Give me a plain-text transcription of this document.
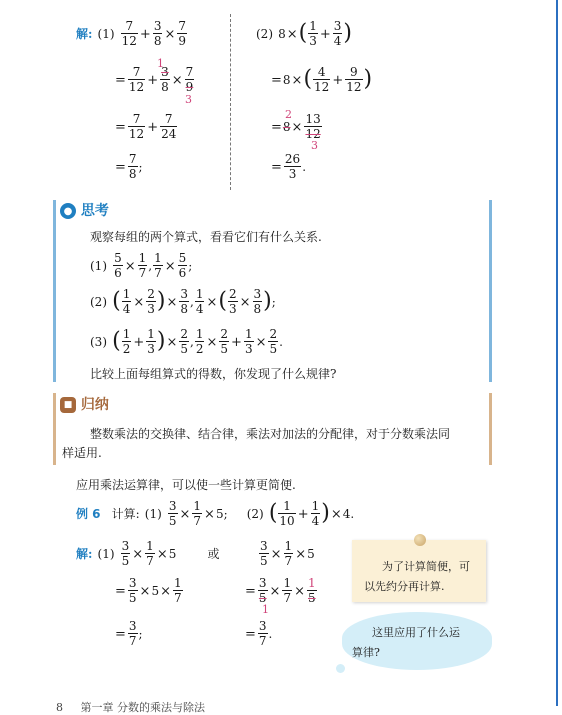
解: $(1) \frac{7}{12} + \frac{3}{8} \times \frac{7}{9}$
= $\frac{7}{12} + \frac{3}{8} \times \frac{7}{9}$
1
3
= $\frac{7}{12} + \frac{7}{24}$
= $\frac{7}{8}$ ;
(2) $8\times( \frac{1}{3} + \frac{3}{4}$ )
$=8\times( \frac{4}{12} + \frac{9}{12}$ )
$=8\times \frac{13}{12}$
2
3
= $\frac{26}{3}$ .
● 思考
观察每组的两个算式，看看它们有什么关系.
$(1) \frac{5}{6} \times \frac{1}{7}$ , $\frac{1}{7} \times \frac{5}{6}$ ;
(2) ( $\frac{1}{4} \times \frac{2}{3}$ )× $\frac{3}{8}$ , $\frac{1}{4}$ ×( $\frac{2}{3} \times \frac{3}{8}$ );
(3) ( $\frac{1}{2} + \frac{1}{3}$ )× $\frac{2}{5}$ , $\frac{1}{2} \times \frac{2}{5} + \frac{1}{3} \times \frac{2}{5}$ .
比较上面每组算式的得数，你发现了什么规律?
■ 归纳
整数乘法的交换律、结合律，乘法对加法的分配律，对于分数乘法同
样适用.
应用乘法运算律，可以使一些计算更简便.
例 6 计算: $(1) \frac{3}{5} \times \frac{1}{7} \times 5$; (2) ( $\frac{1}{10} + \frac{1}{4} )\times 4$.
解: $(1) \frac{3}{5} \times \frac{1}{7} \times 5$	或	$\frac{3}{5} \times \frac{1}{7} \times 5$
= $\frac{3}{5} \times 5\times \frac{1}{7}$	= $\frac{3}{5} \times \frac{1}{7} \times \frac{1}{5}$
1
= $\frac{3}{7}$ ;	= $\frac{3}{7}$ .
为了计算简便，可
以先约分再计算.
这里应用了什么运
算律?
8 第一章 分数的乘法与除法
